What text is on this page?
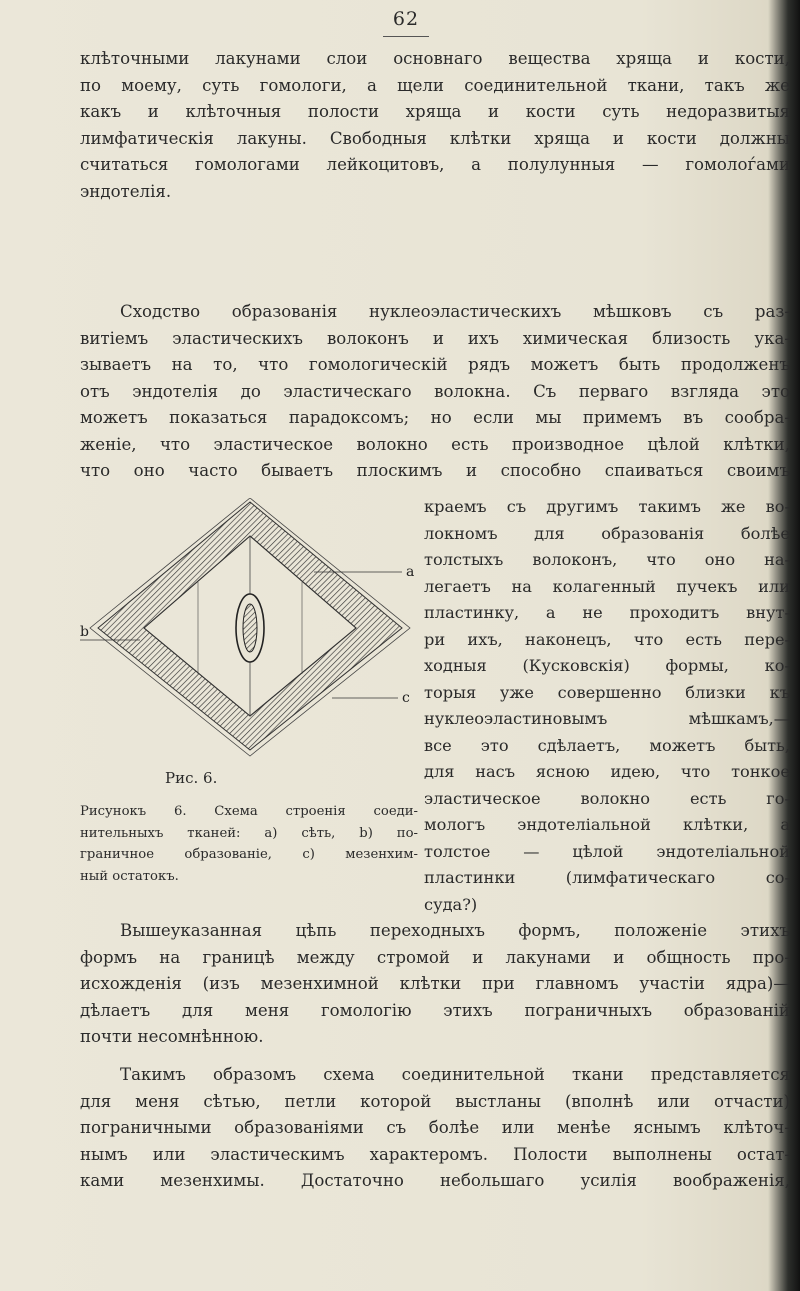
62
клѣточными лакунами слои основнаго вещества хряща и кости,
по моему, суть гомологи, а щели соединительной ткани, такъ же
какъ и клѣточныя полости хряща и кости суть недоразвитыя
лимфатическія лакуны. Свободныя клѣтки хряща и кости должны
считаться гомологами лейкоцитовъ, а полулунныя — гомолоѓами
эндотелія.
Сходство образованія нуклеоэластическихъ мѣшковъ съ раз-
витіемъ эластическихъ волоконъ и ихъ химическая близость ука-
зываетъ на то, что гомологическій рядъ можетъ быть продолженъ
отъ эндотелія до эластическаго волокна. Съ перваго взгляда это
можетъ показаться парадоксомъ; но если мы примемъ въ сообра-
женіе, что эластическое волокно есть производное цѣлой клѣтки,
что оно часто бываетъ плоскимъ и способно спаиваться своимъ
краемъ съ другимъ такимъ же во-
локномъ для образованія болѣе
толстыхъ волоконъ, что оно на-
легаетъ на колагенный пучекъ или
пластинку, а не проходитъ внут-
ри ихъ, наконецъ, что есть пере-
ходныя (Кусковскія) формы, ко-
торыя уже совершенно близки къ
нуклеоэластиновымъ мѣшкамъ,—
все это сдѣлаетъ, можетъ быть,
для насъ ясною идею, что тонкое
эластическое волокно есть го-
мологъ эндотеліальной клѣтки, а
толстое — цѣлой эндотеліальной
пластинки (лимфатическаго со-
суда?)
a
b
c
Рис. 6.
Рисунокъ 6. Схема строенія соеди-
нительныхъ тканей: а) сѣть, b) по-
граничное образованіе, с) мезенхим-
ный остатокъ.
Вышеуказанная цѣпь переходныхъ формъ, положеніе этихъ
формъ на границѣ между стромой и лакунами и общность про-
исхожденія (изъ мезенхимной клѣтки при главномъ участіи ядра)—
дѣлаетъ для меня гомологію этихъ пограничныхъ образованій
почти несомнѣнною.
Такимъ образомъ схема соединительной ткани представляется
для меня сѣтью, петли которой выстланы (вполнѣ или отчасти)
пограничными образованіями съ болѣе или менѣе яснымъ клѣточ-
нымъ или эластическимъ характеромъ. Полости выполнены остат-
ками мезенхимы. Достаточно небольшаго усилія воображенія,
